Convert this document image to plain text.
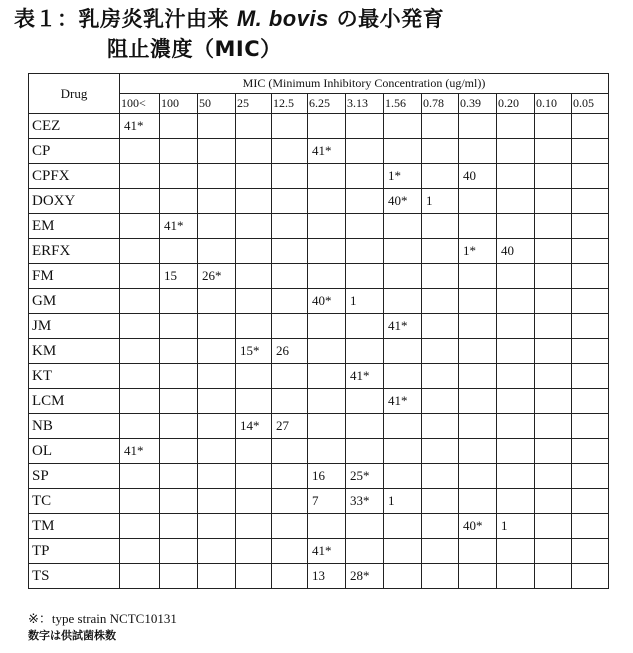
表１：乳房炎乳汁由来 M. bovis の最小発育
阻止濃度（MIC）
Drug	MIC (Minimum Inhibitory Concentration (ug/ml))												
	100<	100	50	25	12.5	6.25	3.13	1.56	0.78	0.39	0.20	0.10	0.05
CEZ	41*												
CP						41*							
CPFX								1*		40			
DOXY								40*	1				
EM		41*											
ERFX										1*	40		
FM		15	26*										
GM						40*	1						
JM								41*					
KM				15*	26								
KT							41*						
LCM								41*					
NB				14*	27								
OL	41*												
SP						16	25*						
TC						7	33*	1					
TM										40*	1		
TP						41*							
TS						13	28*						
※：type strain NCTC10131
数字は供試菌株数
